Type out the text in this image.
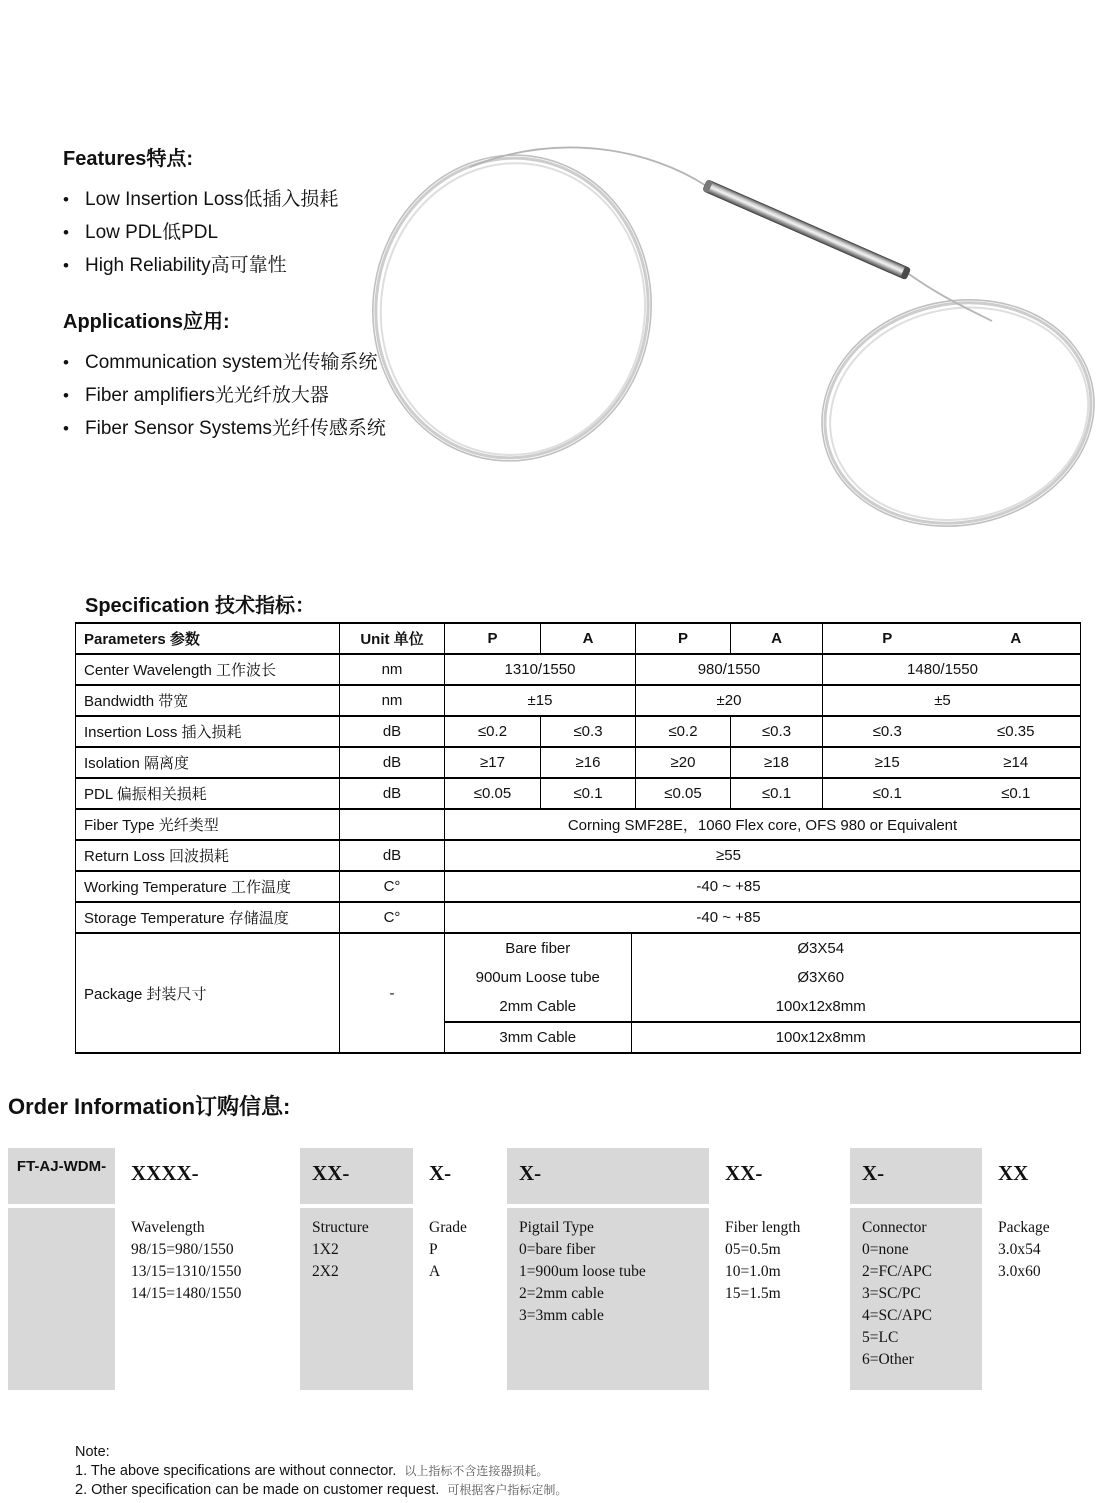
Features特点:
• Low Insertion Loss低插入损耗
• Low PDL低PDL
• High Reliability高可靠性
Applications应用:
• Communication system光传输系统
• Fiber amplifiers光光纤放大器
• Fiber Sensor Systems光纤传感系统
Specification 技术指标：
Parameters 参数	Unit 单位	P	A	P	A	P	A
Center Wavelength 工作波长	nm	1310/1550	980/1550	1480/1550
Bandwidth 带宽	nm	±15	±20	±5
Insertion Loss 插入损耗	dB	≤0.2	≤0.3	≤0.2	≤0.3	≤0.3	≤0.35
Isolation 隔离度	dB	≥17	≥16	≥20	≥18	≥15	≥14
PDL 偏振相关损耗	dB	≤0.05	≤0.1	≤0.05	≤0.1	≤0.1	≤0.1
Fiber Type 光纤类型		Corning SMF28E，1060 Flex core, OFS 980 or Equivalent
Return Loss 回波损耗	dB	≥55
Working Temperature 工作温度	C°	-40 ~ +85
Storage Temperature 存储温度	C°	-40 ~ +85
Package 封装尺寸	-	
Bare fiber	Ø3X54
900um Loose tube	Ø3X60
2mm Cable	100x12x8mm
3mm Cable	100x12x8mm
Order Information订购信息:
FT-AJ-WDM-	XXXX-
Wavelength
98/15=980/1550
13/15=1310/1550
14/15=1480/1550
XX-
Structure
1X2
2X2
X-
Grade
P
A
X-
Pigtail Type
0=bare fiber
1=900um loose tube
2=2mm cable
3=3mm cable
XX-
Fiber length
05=0.5m
10=1.0m
15=1.5m
X-
Connector
0=none
2=FC/APC
3=SC/PC
4=SC/APC
5=LC
6=Other
XX
Package
3.0x54
3.0x60
Note:
1. The above specifications are without connector. 以上指标不含连接器损耗。
2. Other specification can be made on customer request. 可根据客户指标定制。
